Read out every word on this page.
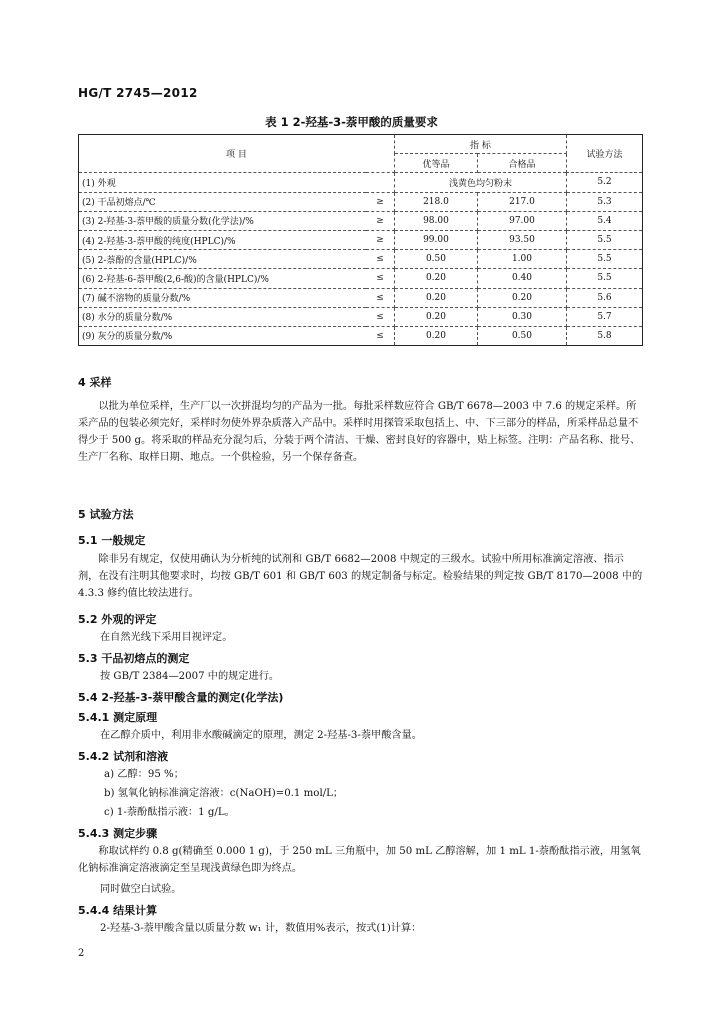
HG/T 2745—2012
表 1 2-羟基-3-萘甲酸的质量要求
项 目		指 标		试验方法
		优等品	合格品	
(1) 外观		浅黄色均匀粉末		5.2
(2) 干品初熔点/℃	≥	218.0	217.0	5.3
(3) 2-羟基-3-萘甲酸的质量分数(化学法)/%	≥	98.00	97.00	5.4
(4) 2-羟基-3-萘甲酸的纯度(HPLC)/%	≥	99.00	93.50	5.5
(5) 2-萘酚的含量(HPLC)/%	≤	0.50	1.00	5.5
(6) 2-羟基-6-萘甲酸(2,6-酸)的含量(HPLC)/%	≤	0.20	0.40	5.5
(7) 碱不溶物的质量分数/%	≤	0.20	0.20	5.6
(8) 水分的质量分数/%	≤	0.20	0.30	5.7
(9) 灰分的质量分数/%	≤	0.20	0.50	5.8
4 采样
以批为单位采样，生产厂以一次拼混均匀的产品为一批。每批采样数应符合 GB/T 6678—2003 中 7.6 的规定采样。所采产品的包装必须完好，采样时勿使外界杂质落入产品中。采样时用探管采取包括上、中、下三部分的样品，所采样品总量不得少于 500 g。将采取的样品充分混匀后，分装于两个清洁、干燥、密封良好的容器中，贴上标签。注明：产品名称、批号、生产厂名称、取样日期、地点。一个供检验，另一个保存备查。
5 试验方法
5.1 一般规定
除非另有规定，仅使用确认为分析纯的试剂和 GB/T 6682—2008 中规定的三级水。试验中所用标准滴定溶液、指示剂，在没有注明其他要求时，均按 GB/T 601 和 GB/T 603 的规定制备与标定。检验结果的判定按 GB/T 8170—2008 中的 4.3.3 修约值比较法进行。
5.2 外观的评定
在自然光线下采用目视评定。
5.3 干品初熔点的测定
按 GB/T 2384—2007 中的规定进行。
5.4 2-羟基-3-萘甲酸含量的测定(化学法)
5.4.1 测定原理
在乙醇介质中，利用非水酸碱滴定的原理，测定 2-羟基-3-萘甲酸含量。
5.4.2 试剂和溶液
a) 乙醇：95 %；
b) 氢氧化钠标准滴定溶液：c(NaOH)=0.1 mol/L；
c) 1-萘酚酞指示液：1 g/L。
5.4.3 测定步骤
称取试样约 0.8 g(精确至 0.000 1 g)，于 250 mL 三角瓶中，加 50 mL 乙醇溶解，加 1 mL 1-萘酚酞指示液，用氢氧化钠标准滴定溶液滴定至呈现浅黄绿色即为终点。
同时做空白试验。
5.4.4 结果计算
2-羟基-3-萘甲酸含量以质量分数 w₁ 计，数值用%表示，按式(1)计算：
2
